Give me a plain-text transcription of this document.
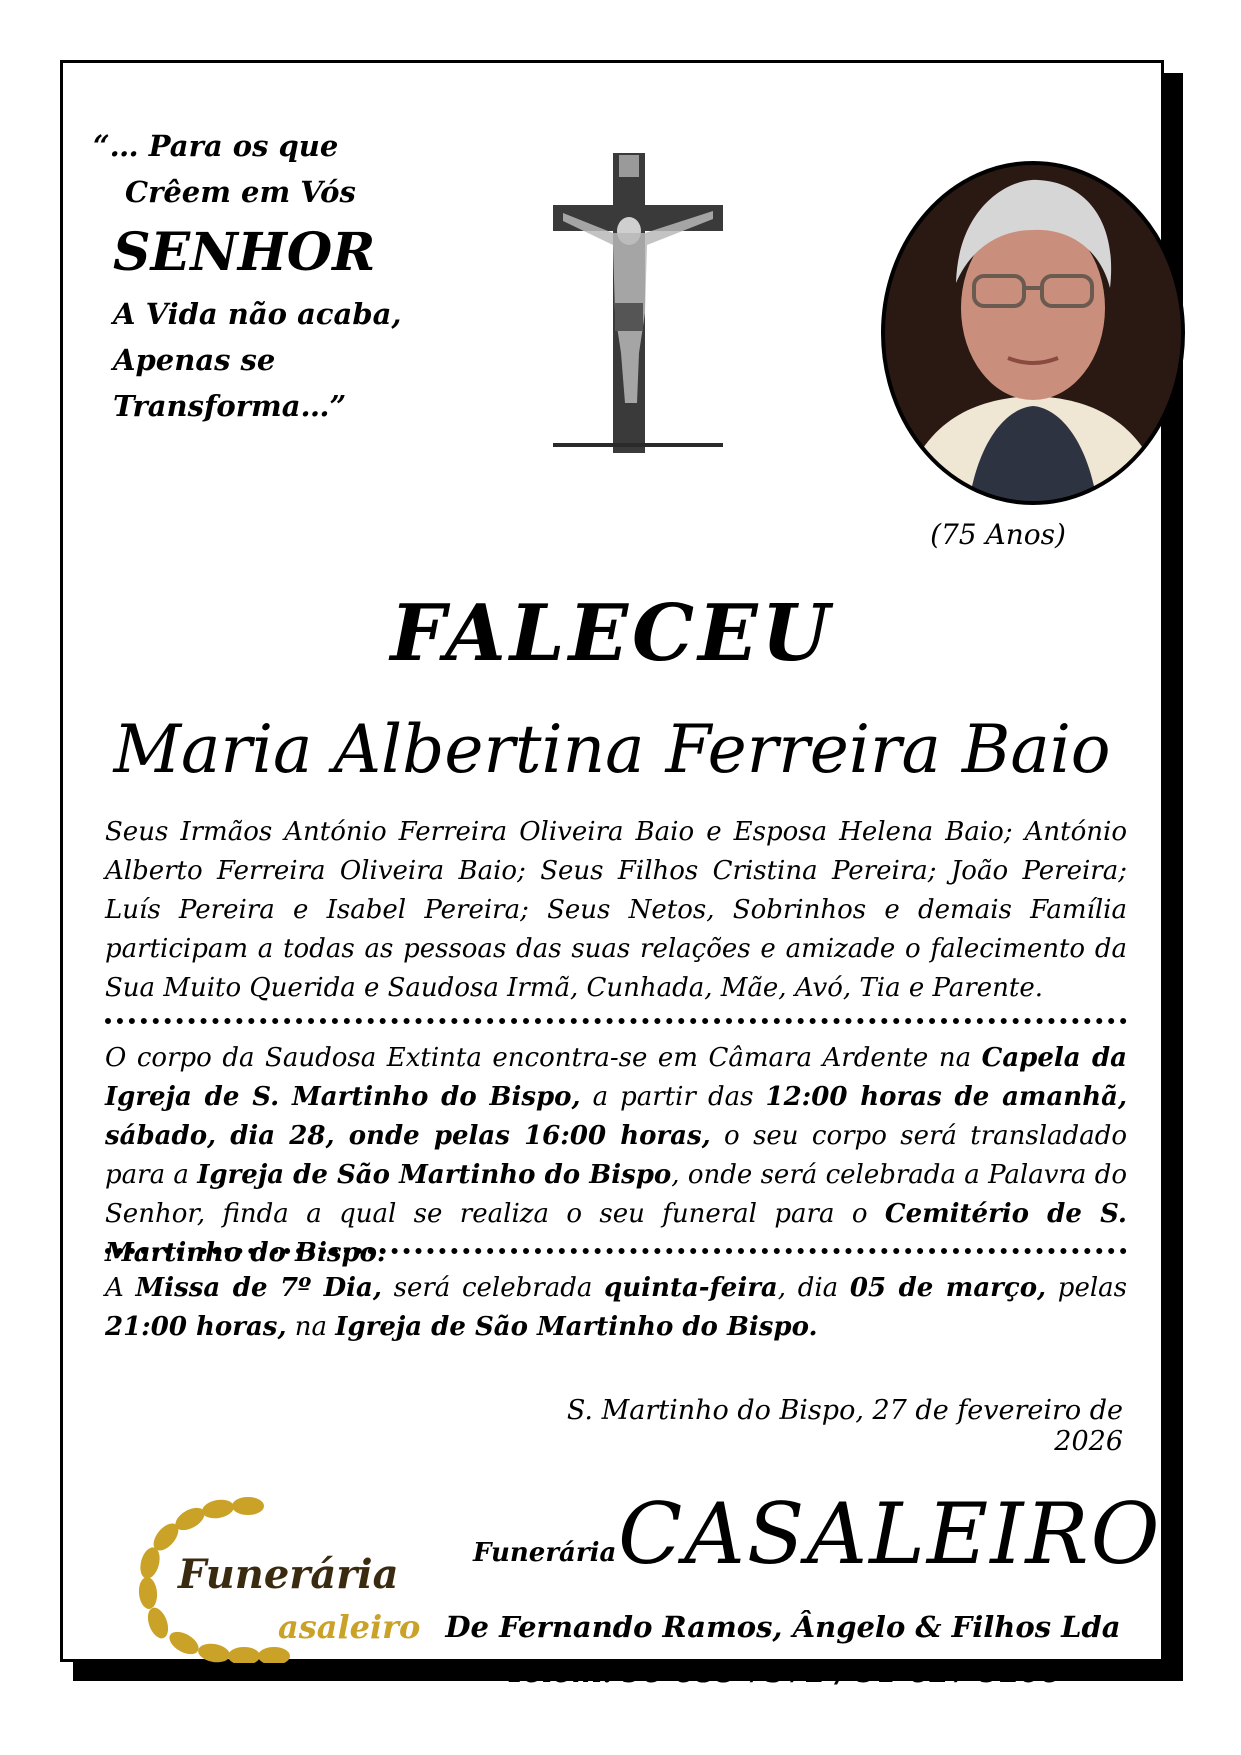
“… Para os que
Crêem em Vós
SENHOR
A Vida não acaba,
Apenas se Transforma…”
(75 Anos)
FALECEU
Maria Albertina Ferreira Baio
Seus Irmãos António Ferreira Oliveira Baio e Esposa Helena Baio; António Alberto Ferreira Oliveira Baio; Seus Filhos Cristina Pereira; João Pereira; Luís Pereira e Isabel Pereira; Seus Netos, Sobrinhos e demais Família participam a todas as pessoas das suas relações e amizade o falecimento da Sua Muito Querida e Saudosa Irmã, Cunhada, Mãe, Avó, Tia e Parente.
O corpo da Saudosa Extinta encontra-se em Câmara Ardente na Capela da Igreja de S. Martinho do Bispo, a partir das 12:00 horas de amanhã, sábado, dia 28, onde pelas 16:00 horas, o seu corpo será transladado para a Igreja de São Martinho do Bispo, onde será celebrada a Palavra do Senhor, finda a qual se realiza o seu funeral para o Cemitério de S. Martinho do Bispo.
A Missa de 7º Dia, será celebrada quinta-feira, dia 05 de março, pelas 21:00 horas, na Igreja de São Martinho do Bispo.
S. Martinho do Bispo, 27 de fevereiro de 2026
Funerária
asaleiro
Funerária CASALEIRO
De Fernando Ramos, Ângelo & Filhos Lda
Telem. 96-688 7572 / 91-627 9206
